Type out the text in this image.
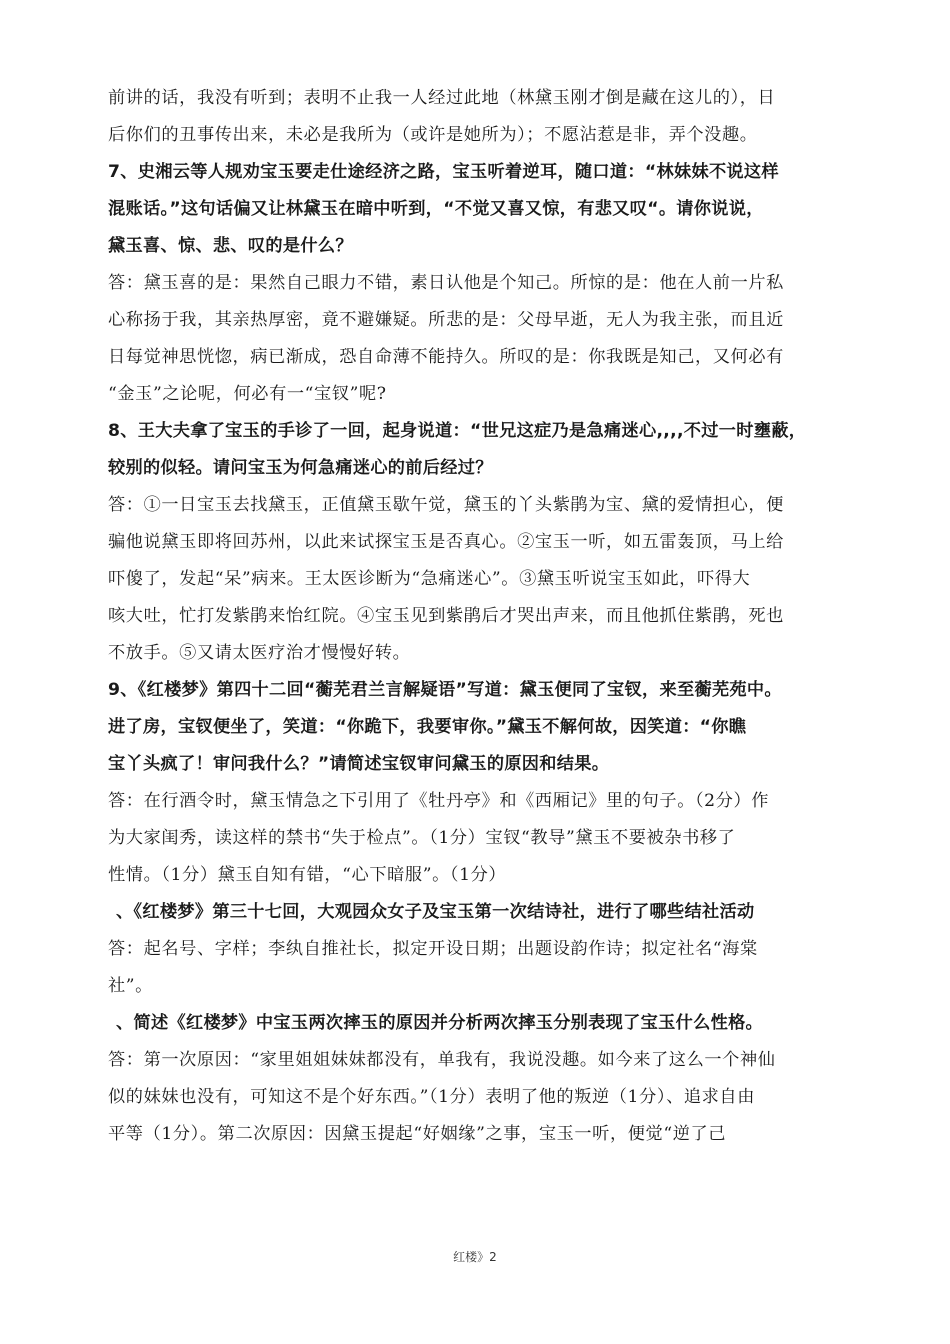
前讲的话，我没有听到；表明不止我一人经过此地（林黛玉刚才倒是藏在这儿的），日
后你们的丑事传出来，未必是我所为（或许是她所为）；不愿沾惹是非，弄个没趣。
7、史湘云等人规劝宝玉要走仕途经济之路，宝玉听着逆耳，随口道：“林妹妹不说这样
混账话。”这句话偏又让林黛玉在暗中听到，“不觉又喜又惊，有悲又叹“。请你说说，
黛玉喜、惊、悲、叹的是什么？
答：黛玉喜的是：果然自己眼力不错，素日认他是个知己。所惊的是：他在人前一片私
心称扬于我，其亲热厚密，竟不避嫌疑。所悲的是：父母早逝，无人为我主张，而且近
日每觉神思恍惚，病已渐成，恐自命薄不能持久。所叹的是：你我既是知己，又何必有
“金玉”之论呢，何必有一“宝钗”呢?
8、王大夫拿了宝玉的手诊了一回，起身说道：“世兄这症乃是急痛迷心,,,,不过一时壅蔽，
较别的似轻。请问宝玉为何急痛迷心的前后经过？
答：①一日宝玉去找黛玉，正值黛玉歇午觉，黛玉的丫头紫鹃为宝、黛的爱情担心，便
骗他说黛玉即将回苏州，以此来试探宝玉是否真心。②宝玉一听，如五雷轰顶，马上给
吓傻了，发起“呆”病来。王太医诊断为“急痛迷心”。③黛玉听说宝玉如此，吓得大
咳大吐，忙打发紫鹃来怡红院。④宝玉见到紫鹃后才哭出声来，而且他抓住紫鹃，死也
不放手。⑤又请太医疗治才慢慢好转。
9、《红楼梦》第四十二回“蘅芜君兰言解疑语”写道：黛玉便同了宝钗，来至蘅芜苑中。
进了房，宝钗便坐了，笑道：“你跪下，我要审你。”黛玉不解何故，因笑道：“你瞧
宝丫头疯了！审问我什么？”请简述宝钗审问黛玉的原因和结果。
答：在行酒令时，黛玉情急之下引用了《牡丹亭》和《西厢记》里的句子。（2分）作
为大家闺秀，读这样的禁书“失于检点”。（1分）宝钗“教导”黛玉不要被杂书移了
性情。（1分）黛玉自知有错，“心下暗服”。（1分）
、《红楼梦》第三十七回，大观园众女子及宝玉第一次结诗社，进行了哪些结社活动
答：起名号、字样；李纨自推社长，拟定开设日期；出题设韵作诗；拟定社名“海棠
社”。
、简述《红楼梦》中宝玉两次摔玉的原因并分析两次摔玉分别表现了宝玉什么性格。
答：第一次原因：“家里姐姐妹妹都没有，单我有，我说没趣。如今来了这么一个神仙
似的妹妹也没有，可知这不是个好东西。”（1分）表明了他的叛逆（1分）、追求自由
平等（1分）。第二次原因：因黛玉提起“好姻缘”之事，宝玉一听，便觉“逆了己
红楼》2
